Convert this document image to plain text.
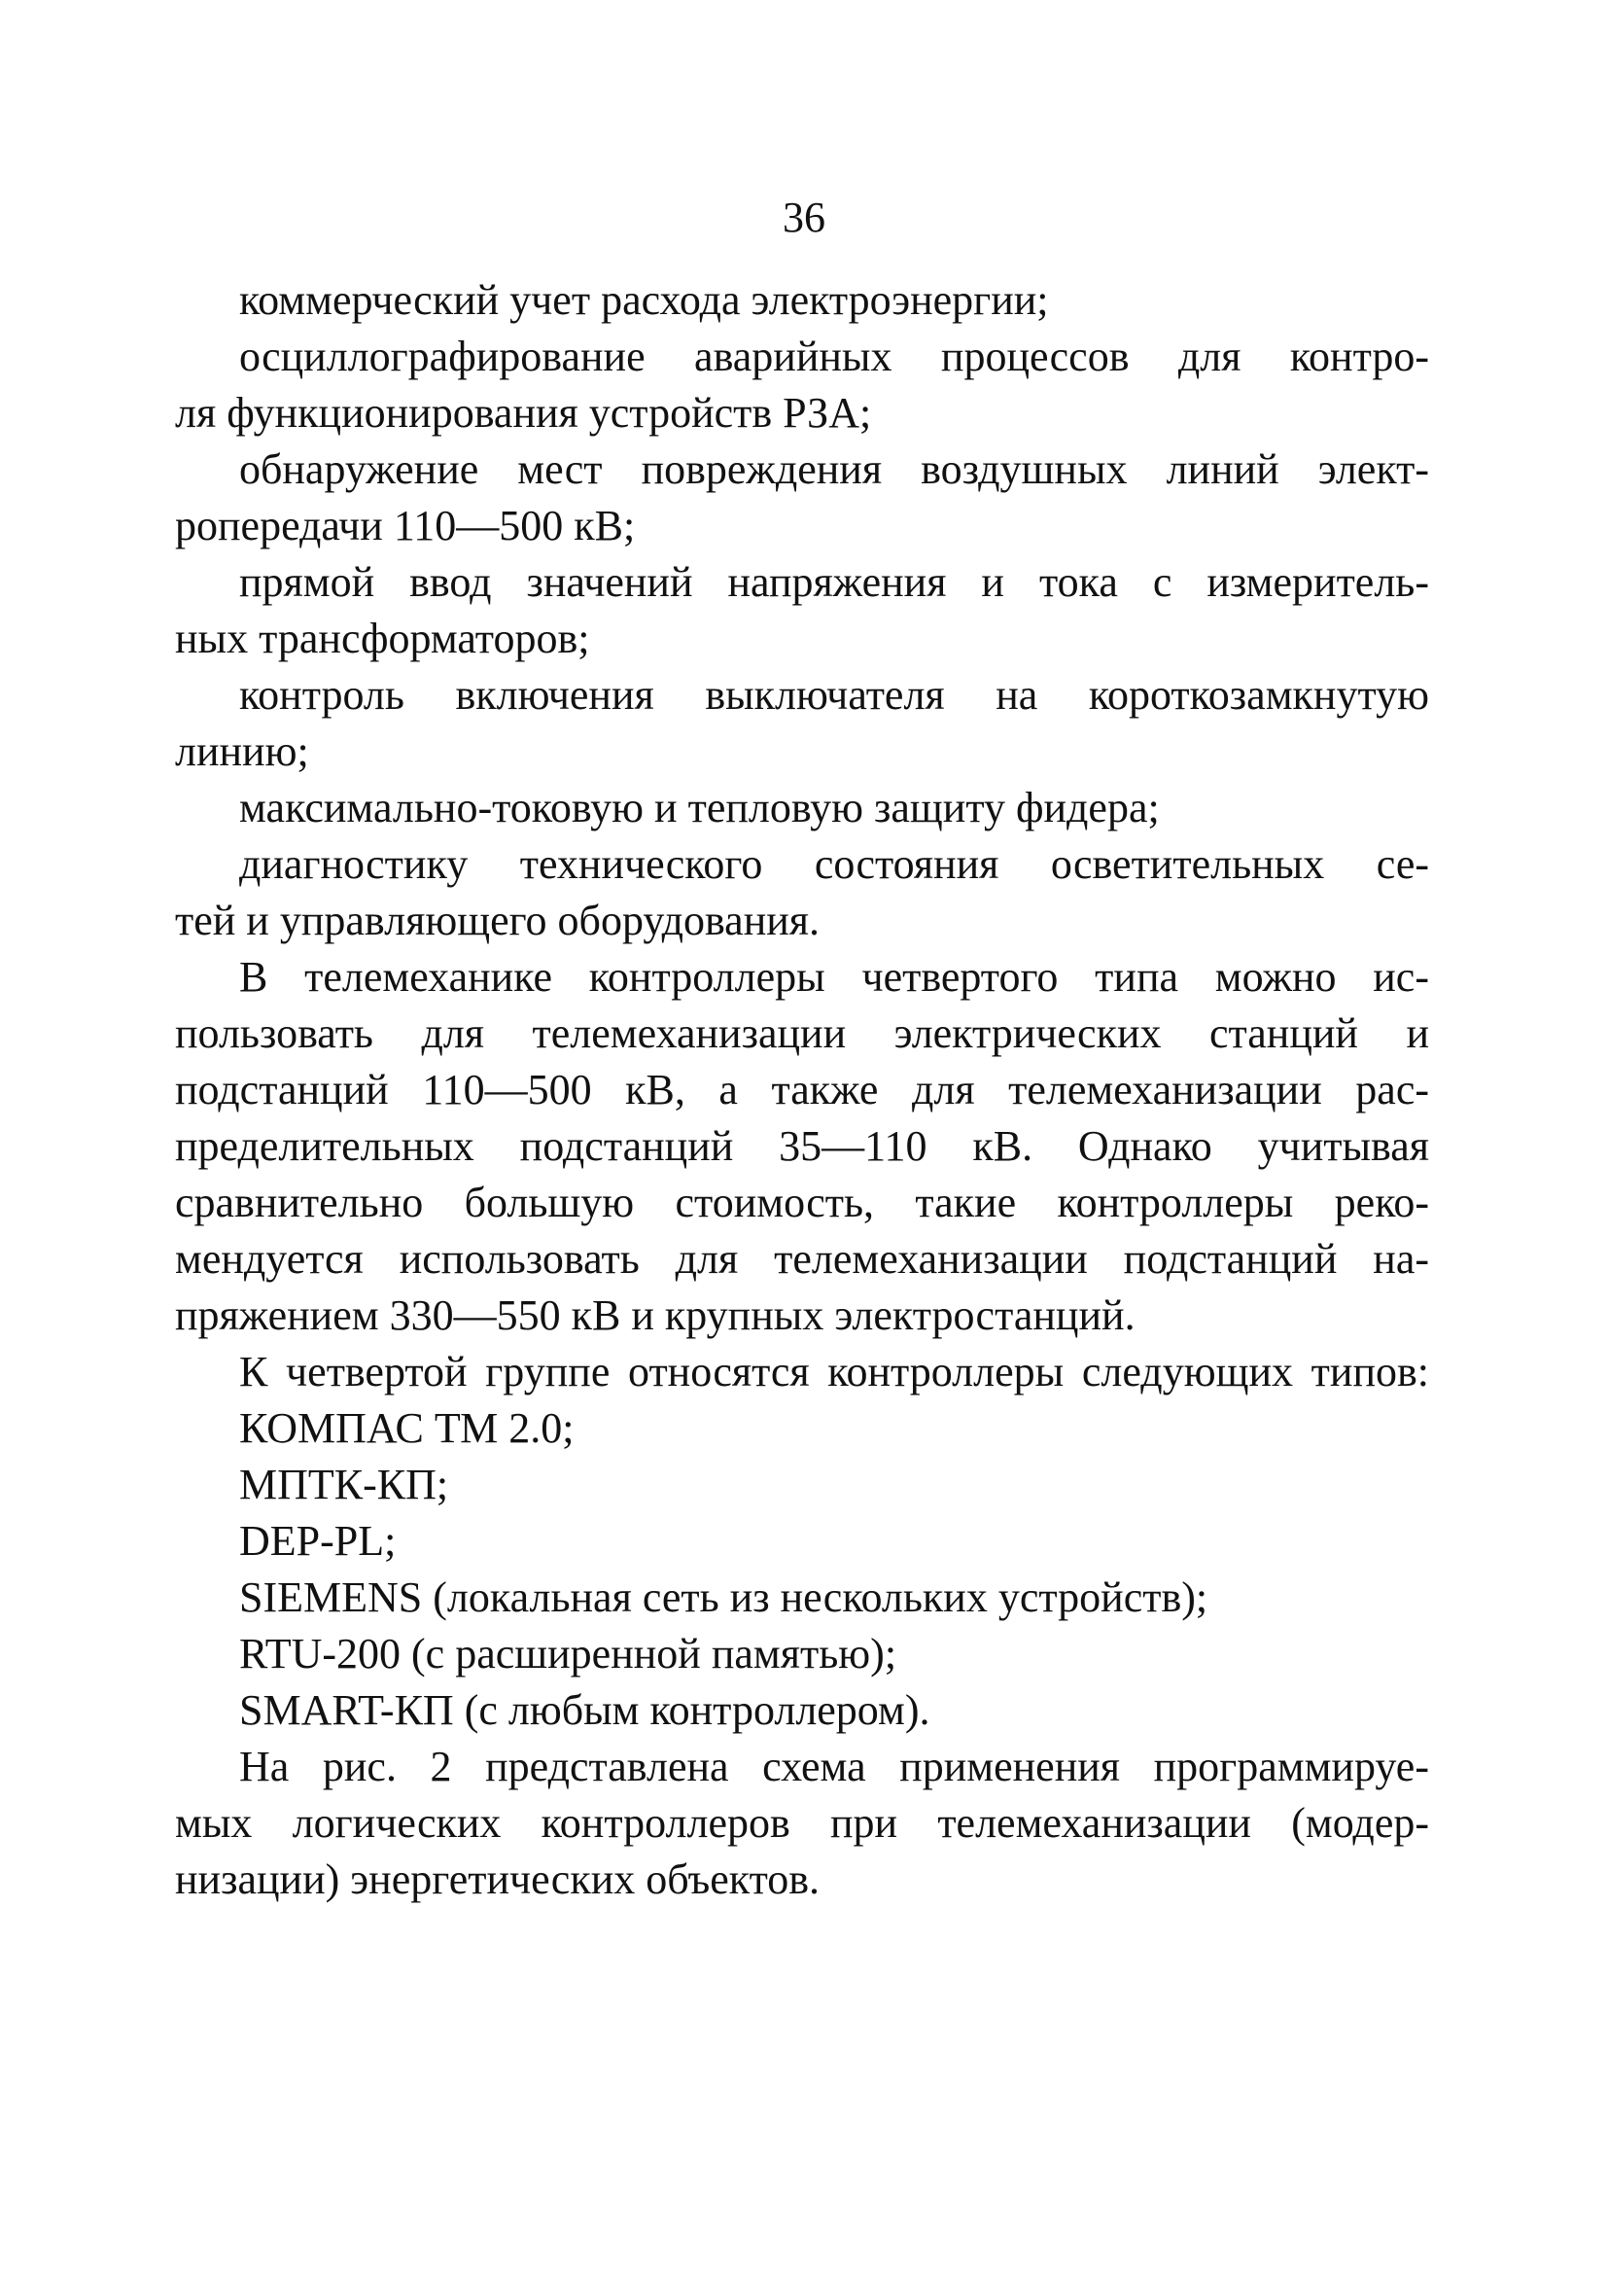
36
коммерческий учет расхода электроэнергии;
осциллографирование аварийных процессов для контро-
ля функционирования устройств РЗА;
обнаружение мест повреждения воздушных линий элект-
ропередачи 110—500 кВ;
прямой ввод значений напряжения и тока с измеритель-
ных трансформаторов;
контроль включения выключателя на короткозамкнутую
линию;
максимально-токовую и тепловую защиту фидера;
диагностику технического состояния осветительных се-
тей и управляющего оборудования.
В телемеханике контроллеры четвертого типа можно ис-
пользовать для телемеханизации электрических станций и
подстанций 110—500 кВ, а также для телемеханизации рас-
пределительных подстанций 35—110 кВ. Однако учитывая
сравнительно большую стоимость, такие контроллеры реко-
мендуется использовать для телемеханизации подстанций на-
пряжением 330—550 кВ и крупных электростанций.
К четвертой группе относятся контроллеры следующих типов:
КОМПАС ТМ 2.0;
МПТК-КП;
DEP-PL;
SIEMENS (локальная сеть из нескольких устройств);
RTU-200 (с расширенной памятью);
SMART-КП (с любым контроллером).
На рис. 2 представлена схема применения программируе-
мых логических контроллеров при телемеханизации (модер-
низации) энергетических объектов.
